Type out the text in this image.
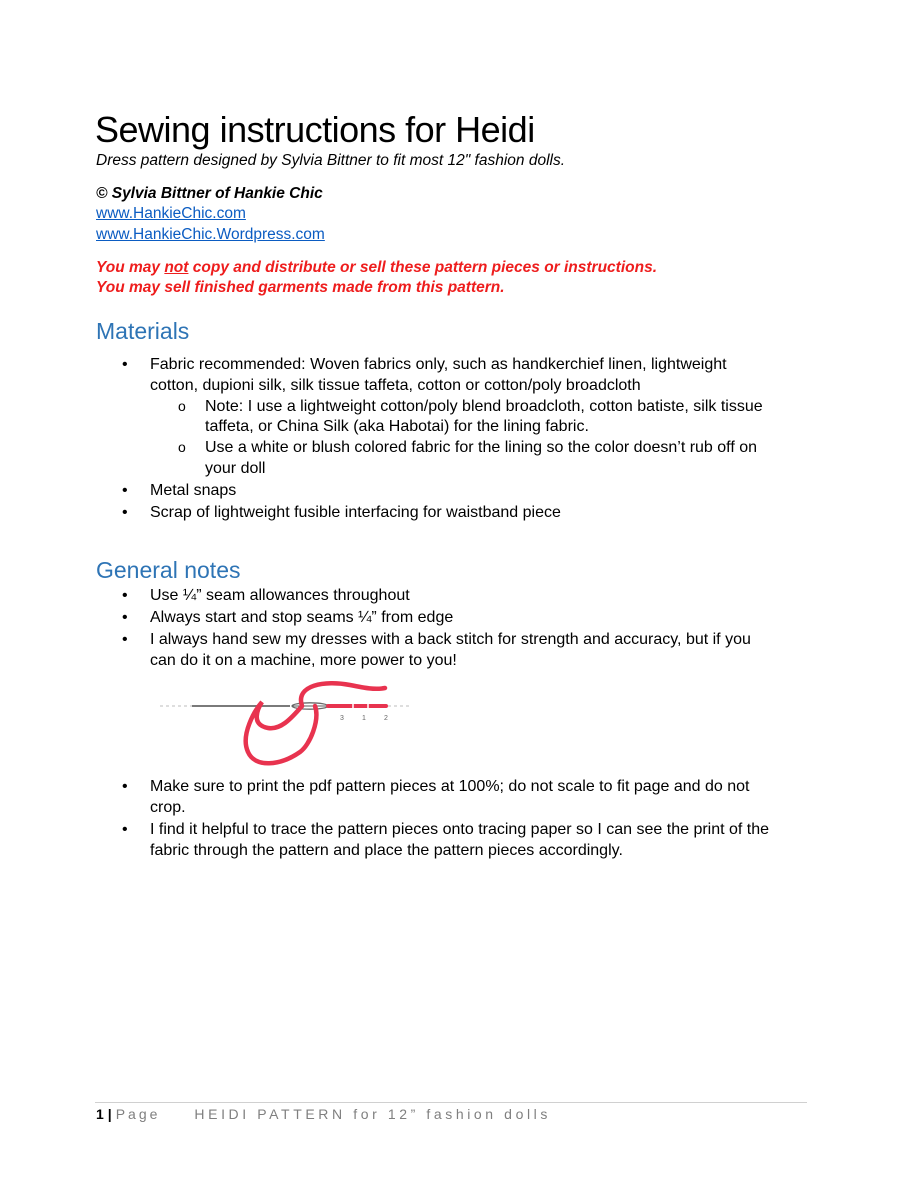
Sewing instructions for Heidi
Dress pattern designed by Sylvia Bittner to fit most 12" fashion dolls.
© Sylvia Bittner of Hankie Chic
www.HankieChic.com
www.HankieChic.Wordpress.com
You may not copy and distribute or sell these pattern pieces or instructions.
You may sell finished garments made from this pattern.
Materials
• Fabric recommended: Woven fabrics only, such as handkerchief linen, lightweight
cotton, dupioni silk, silk tissue taffeta, cotton or cotton/poly broadcloth
o Note: I use a lightweight cotton/poly blend broadcloth, cotton batiste, silk tissue
taffeta, or China Silk (aka Habotai) for the lining fabric.
o Use a white or blush colored fabric for the lining so the color doesn’t rub off on
your doll
• Metal snaps
• Scrap of lightweight fusible interfacing for waistband piece
General notes
• Use ¼” seam allowances throughout
• Always start and stop seams ¼” from edge
• I always hand sew my dresses with a back stitch for strength and accuracy, but if you
can do it on a machine, more power to you!
3	1	2
• Make sure to print the pdf pattern pieces at 100%; do not scale to fit page and do not
crop.
• I find it helpful to trace the pattern pieces onto tracing paper so I can see the print of the
fabric through the pattern and place the pattern pieces accordingly.
1 | Page HEIDI PATTERN for 12” fashion dolls
